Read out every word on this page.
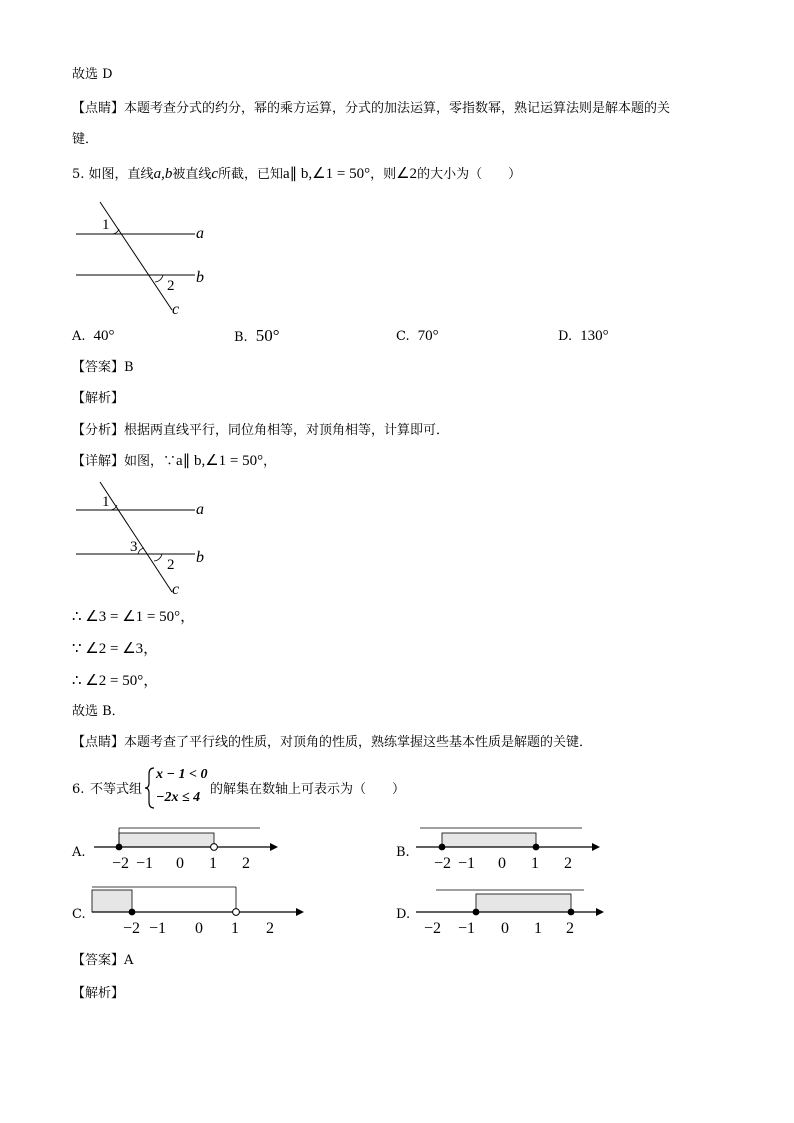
故选 D
【点睛】本题考查分式的约分，幂的乘方运算，分式的加法运算，零指数幂，熟记运算法则是解本题的关
键．
5. 如图，直线a,b被直线c所截，已知a∥ b,∠1 = 50°，则∠2的大小为（　　）
1
2
a
b
c
A. 40°	B. 50°	C. 70°	D. 130°
【答案】B
【解析】
【分析】根据两直线平行，同位角相等，对顶角相等，计算即可．
【详解】如图，∵a∥ b,∠1 = 50°，
1
3
2
a
b
c
∴ ∠3 = ∠1 = 50°，
∵ ∠2 = ∠3，
∴ ∠2 = 50°，
故选 B．
【点睛】本题考查了平行线的性质，对顶角的性质，熟练掌握这些基本性质是解题的关键．
6. 不等式组
x − 1 < 0
−2x ≤ 4
的解集在数轴上可表示为（　　）
A.
−2 −1 0 1 2
B.
−2 −1 0 1 2
C.
−2 −1 0 1 2
D.
−2 −1 0 1 2
【答案】A
【解析】
